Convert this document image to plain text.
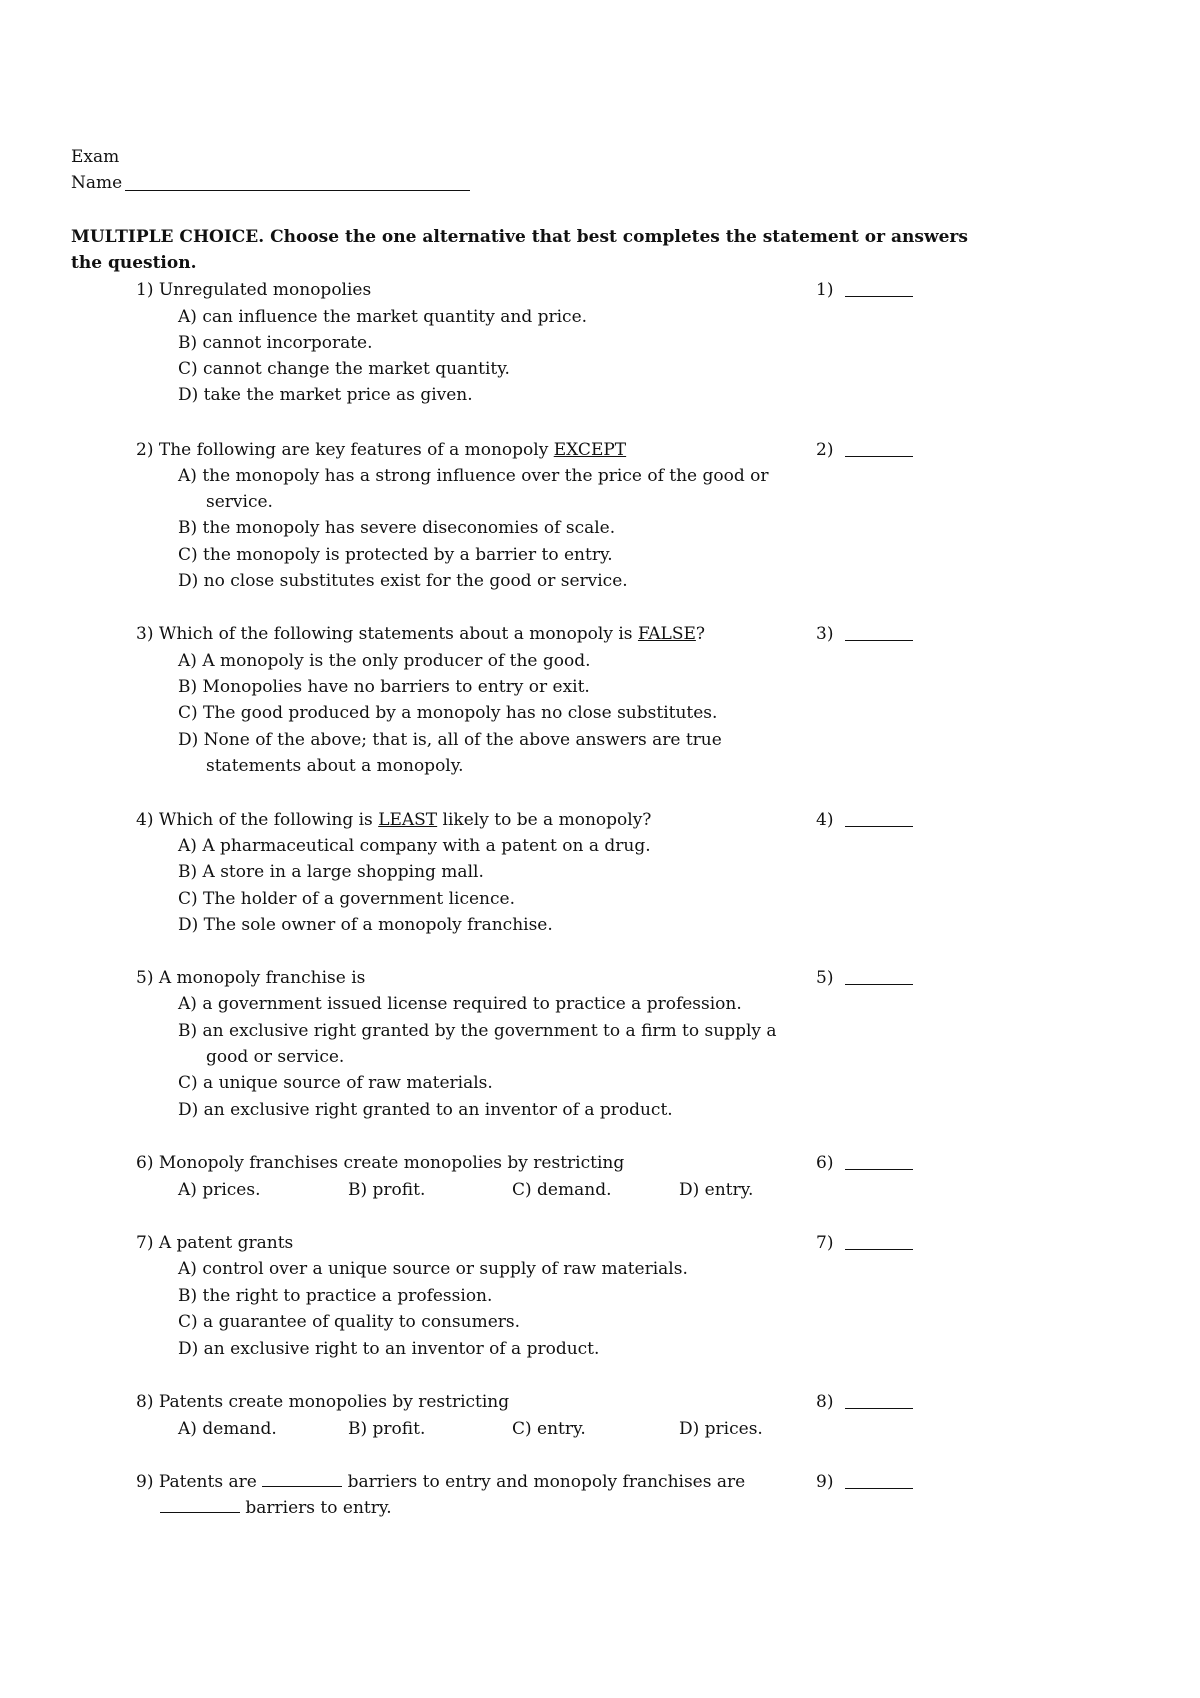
Exam
Name
MULTIPLE CHOICE. Choose the one alternative that best completes the statement or answers
the question.
1) Unregulated monopolies	1)
A) can influence the market quantity and price.
B) cannot incorporate.
C) cannot change the market quantity.
D) take the market price as given.
2) The following are key features of a monopoly EXCEPT	2)
A) the monopoly has a strong influence over the price of the good or
service.
B) the monopoly has severe diseconomies of scale.
C) the monopoly is protected by a barrier to entry.
D) no close substitutes exist for the good or service.
3) Which of the following statements about a monopoly is FALSE?	3)
A) A monopoly is the only producer of the good.
B) Monopolies have no barriers to entry or exit.
C) The good produced by a monopoly has no close substitutes.
D) None of the above; that is, all of the above answers are true
statements about a monopoly.
4) Which of the following is LEAST likely to be a monopoly?	4)
A) A pharmaceutical company with a patent on a drug.
B) A store in a large shopping mall.
C) The holder of a government licence.
D) The sole owner of a monopoly franchise.
5) A monopoly franchise is	5)
A) a government issued license required to practice a profession.
B) an exclusive right granted by the government to a firm to supply a
good or service.
C) a unique source of raw materials.
D) an exclusive right granted to an inventor of a product.
6) Monopoly franchises create monopolies by restricting	6)
A) prices.	B) profit.	C) demand.	D) entry.
7) A patent grants	7)
A) control over a unique source or supply of raw materials.
B) the right to practice a profession.
C) a guarantee of quality to consumers.
D) an exclusive right to an inventor of a product.
8) Patents create monopolies by restricting	8)
A) demand.	B) profit.	C) entry.	D) prices.
9) Patents are	barriers to entry and monopoly franchises are	9)
barriers to entry.
